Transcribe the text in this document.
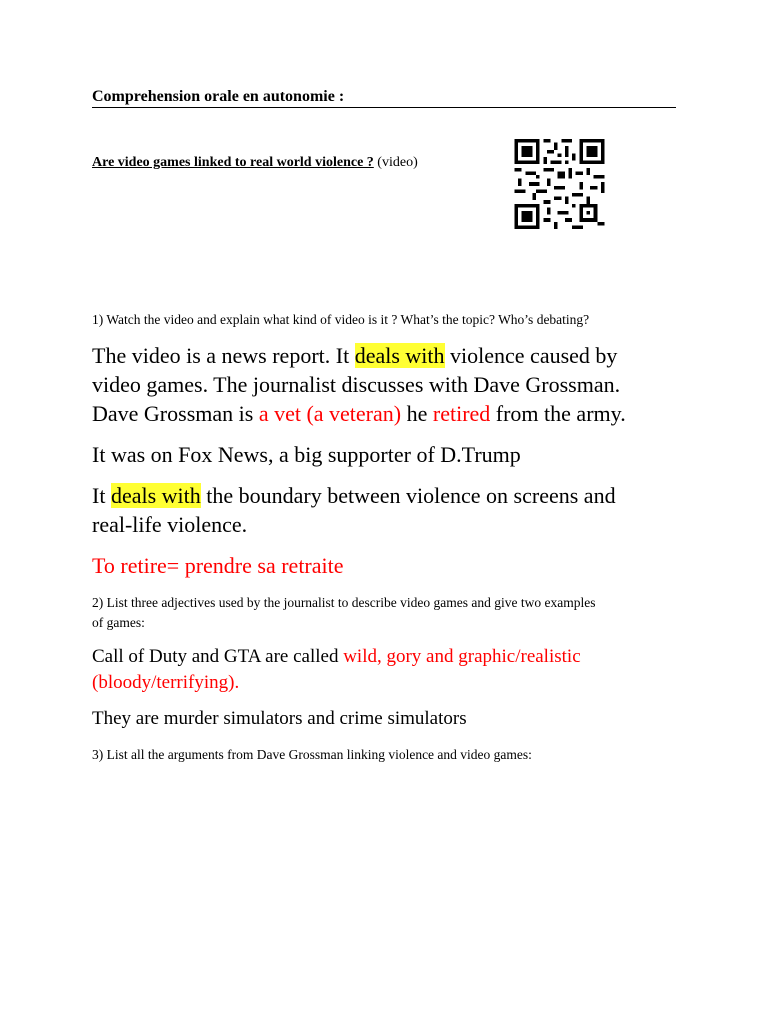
Comprehension orale en autonomie :
Are video games linked to real world violence ? (video)
1) Watch the video and explain what kind of video is it ? What’s the topic? Who’s debating?
The video is a news report. It deals with violence caused by
video games. The journalist discusses with Dave Grossman.
Dave Grossman is a vet (a veteran) he retired from the army.
It was on Fox News, a big supporter of D.Trump
It deals with the boundary between violence on screens and
real-life violence.
To retire= prendre sa retraite
2) List three adjectives used by the journalist to describe video games and give two examples
of games:
Call of Duty and GTA are called wild, gory and graphic/realistic
(bloody/terrifying).
They are murder simulators and crime simulators
3) List all the arguments from Dave Grossman linking violence and video games:
